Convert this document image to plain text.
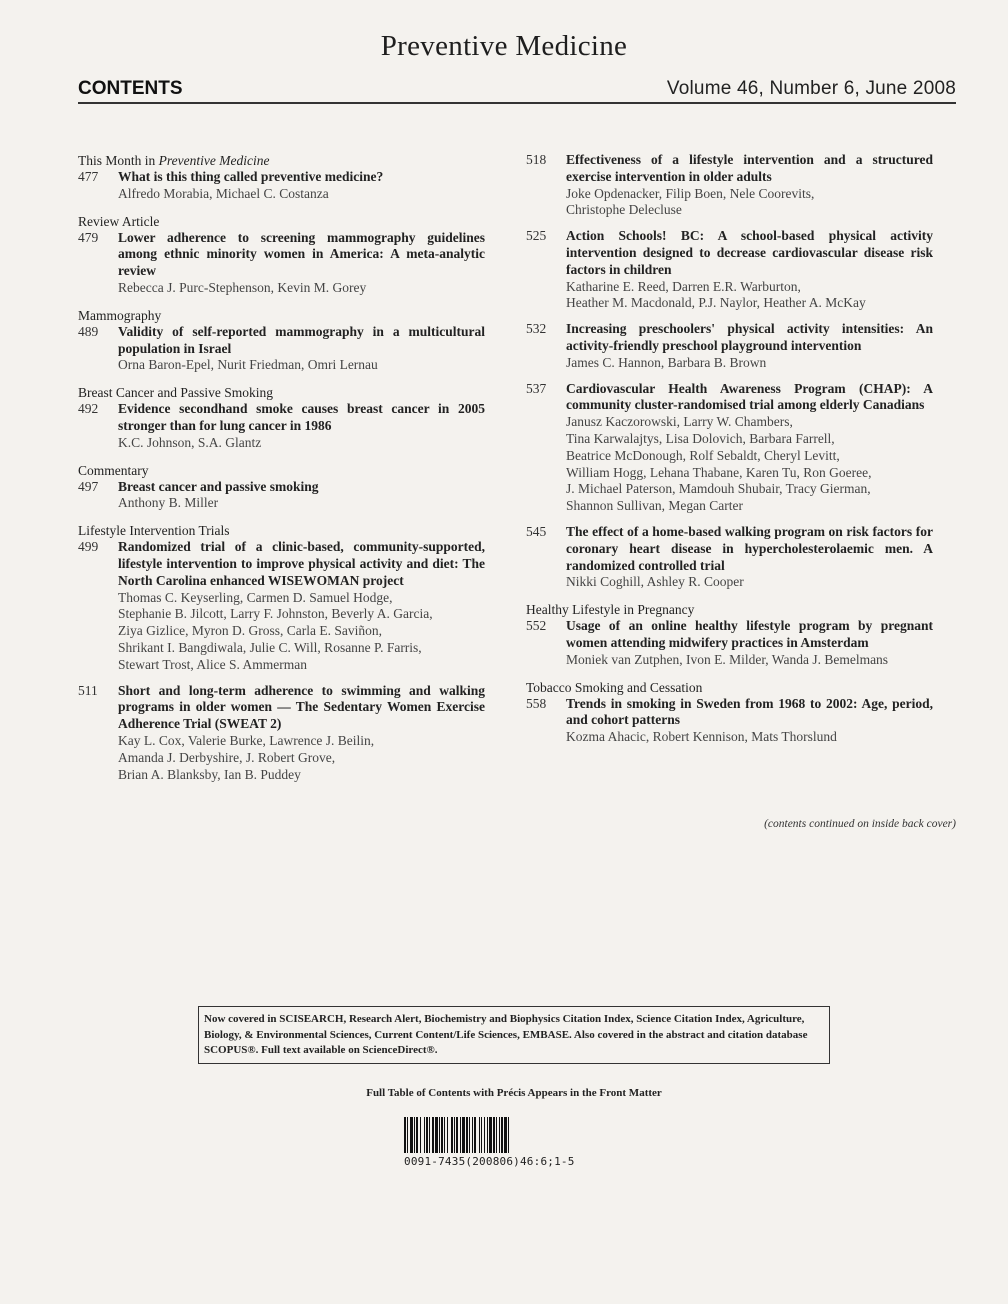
Preventive Medicine
CONTENTS	Volume 46, Number 6, June 2008
This Month in Preventive Medicine
477	What is this thing called preventive medicine?
Alfredo Morabia, Michael C. Costanza
Review Article
479	Lower adherence to screening mammography guidelines among ethnic minority women in America: A meta-analytic review
Rebecca J. Purc-Stephenson, Kevin M. Gorey
Mammography
489	Validity of self-reported mammography in a multicultural population in Israel
Orna Baron-Epel, Nurit Friedman, Omri Lernau
Breast Cancer and Passive Smoking
492	Evidence secondhand smoke causes breast cancer in 2005 stronger than for lung cancer in 1986
K.C. Johnson, S.A. Glantz
Commentary
497	Breast cancer and passive smoking
Anthony B. Miller
Lifestyle Intervention Trials
499	Randomized trial of a clinic-based, community-supported, lifestyle intervention to improve physical activity and diet: The North Carolina enhanced WISEWOMAN project
Thomas C. Keyserling, Carmen D. Samuel Hodge,
Stephanie B. Jilcott, Larry F. Johnston, Beverly A. Garcia,
Ziya Gizlice, Myron D. Gross, Carla E. Saviñon,
Shrikant I. Bangdiwala, Julie C. Will, Rosanne P. Farris,
Stewart Trost, Alice S. Ammerman
511	Short and long-term adherence to swimming and walking programs in older women — The Sedentary Women Exercise Adherence Trial (SWEAT 2)
Kay L. Cox, Valerie Burke, Lawrence J. Beilin,
Amanda J. Derbyshire, J. Robert Grove,
Brian A. Blanksby, Ian B. Puddey
518	Effectiveness of a lifestyle intervention and a structured exercise intervention in older adults
Joke Opdenacker, Filip Boen, Nele Coorevits,
Christophe Delecluse
525	Action Schools! BC: A school-based physical activity intervention designed to decrease cardiovascular disease risk factors in children
Katharine E. Reed, Darren E.R. Warburton,
Heather M. Macdonald, P.J. Naylor, Heather A. McKay
532	Increasing preschoolers' physical activity intensities: An activity-friendly preschool playground intervention
James C. Hannon, Barbara B. Brown
537	Cardiovascular Health Awareness Program (CHAP): A community cluster-randomised trial among elderly Canadians
Janusz Kaczorowski, Larry W. Chambers,
Tina Karwalajtys, Lisa Dolovich, Barbara Farrell,
Beatrice McDonough, Rolf Sebaldt, Cheryl Levitt,
William Hogg, Lehana Thabane, Karen Tu, Ron Goeree,
J. Michael Paterson, Mamdouh Shubair, Tracy Gierman,
Shannon Sullivan, Megan Carter
545	The effect of a home-based walking program on risk factors for coronary heart disease in hypercholesterolaemic men. A randomized controlled trial
Nikki Coghill, Ashley R. Cooper
Healthy Lifestyle in Pregnancy
552	Usage of an online healthy lifestyle program by pregnant women attending midwifery practices in Amsterdam
Moniek van Zutphen, Ivon E. Milder, Wanda J. Bemelmans
Tobacco Smoking and Cessation
558	Trends in smoking in Sweden from 1968 to 2002: Age, period, and cohort patterns
Kozma Ahacic, Robert Kennison, Mats Thorslund
(contents continued on inside back cover)
Now covered in SCISEARCH, Research Alert, Biochemistry and Biophysics Citation Index, Science Citation Index, Agriculture, Biology, & Environmental Sciences, Current Content/Life Sciences, EMBASE. Also covered in the abstract and citation database SCOPUS®. Full text available on ScienceDirect®.
Full Table of Contents with Précis Appears in the Front Matter
0091-7435(200806)46:6;1-5
